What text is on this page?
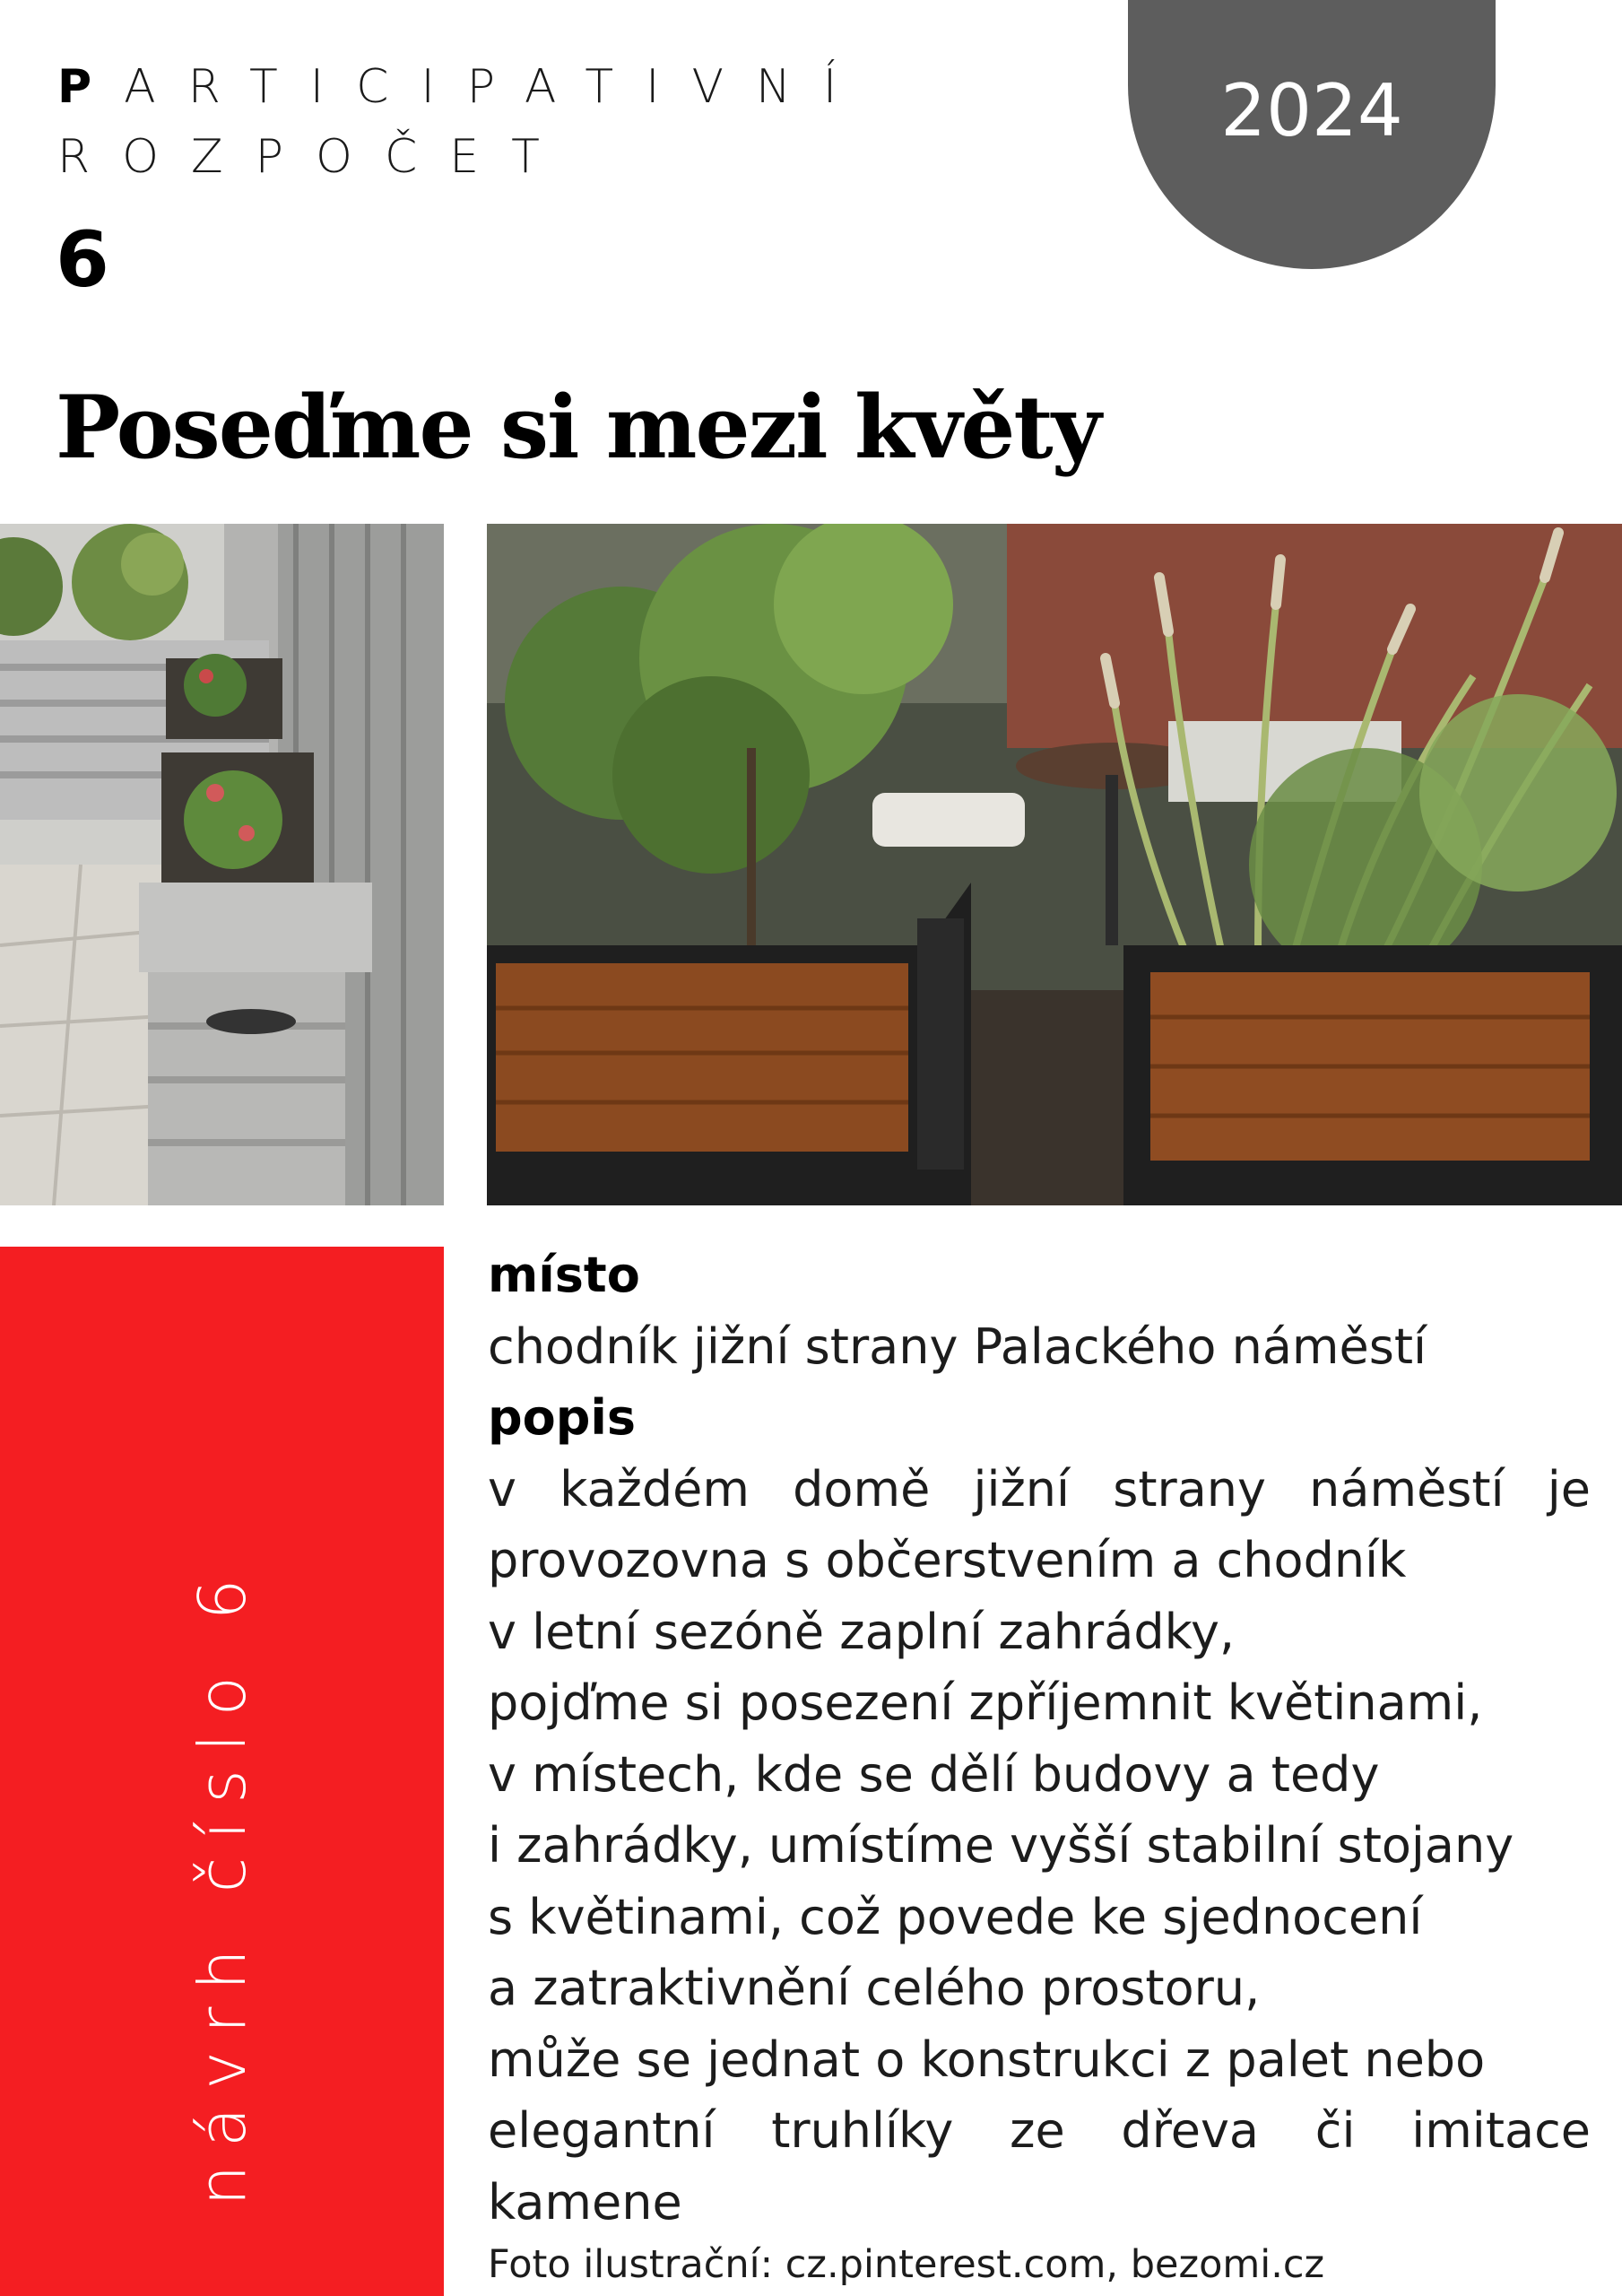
PARTICIPATIVNÍ
ROZPOČET
6
2024
Poseďme si mezi květy
návrh číslo 6
místo
chodník jižní strany Palackého náměstí
popis
v každém domě jižní strany náměstí je
provozovna s občerstvením a chodník
v letní sezóně zaplní zahrádky,
pojďme si posezení zpříjemnit květinami,
v místech, kde se dělí budovy a tedy
i zahrádky, umístíme vyšší stabilní stojany
s květinami, což povede ke sjednocení
a zatraktivnění celého prostoru,
může se jednat o konstrukci z palet nebo
elegantní truhlíky ze dřeva či imitace
kamene
Foto ilustrační: cz.pinterest.com, bezomi.cz
